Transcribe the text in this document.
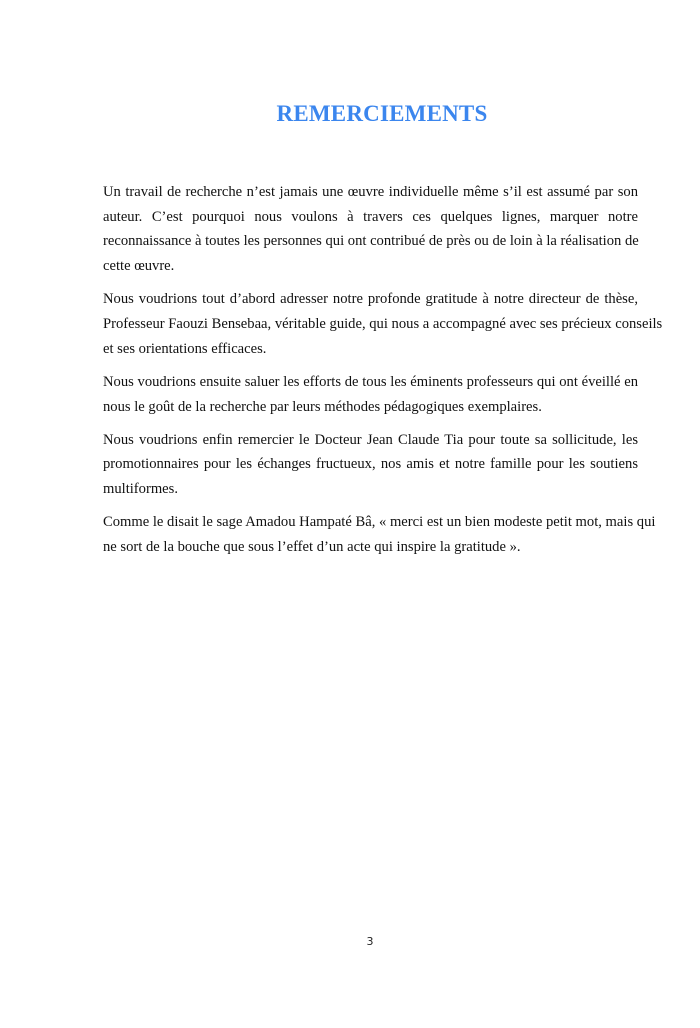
REMERCIEMENTS
Un travail de recherche n’est jamais une œuvre individuelle même s’il est assumé par son
auteur. C’est pourquoi nous voulons à travers ces quelques lignes, marquer notre
reconnaissance à toutes les personnes qui ont contribué de près ou de loin à la réalisation de
cette œuvre.
Nous voudrions tout d’abord adresser notre profonde gratitude à notre directeur de thèse,
Professeur Faouzi Bensebaa, véritable guide, qui nous a accompagné avec ses précieux conseils
et ses orientations efficaces.
Nous voudrions ensuite saluer les efforts de tous les éminents professeurs qui ont éveillé en
nous le goût de la recherche par leurs méthodes pédagogiques exemplaires.
Nous voudrions enfin remercier le Docteur Jean Claude Tia pour toute sa sollicitude, les
promotionnaires pour les échanges fructueux, nos amis et notre famille pour les soutiens
multiformes.
Comme le disait le sage Amadou Hampaté Bâ, « merci est un bien modeste petit mot, mais qui
ne sort de la bouche que sous l’effet d’un acte qui inspire la gratitude ».
3
